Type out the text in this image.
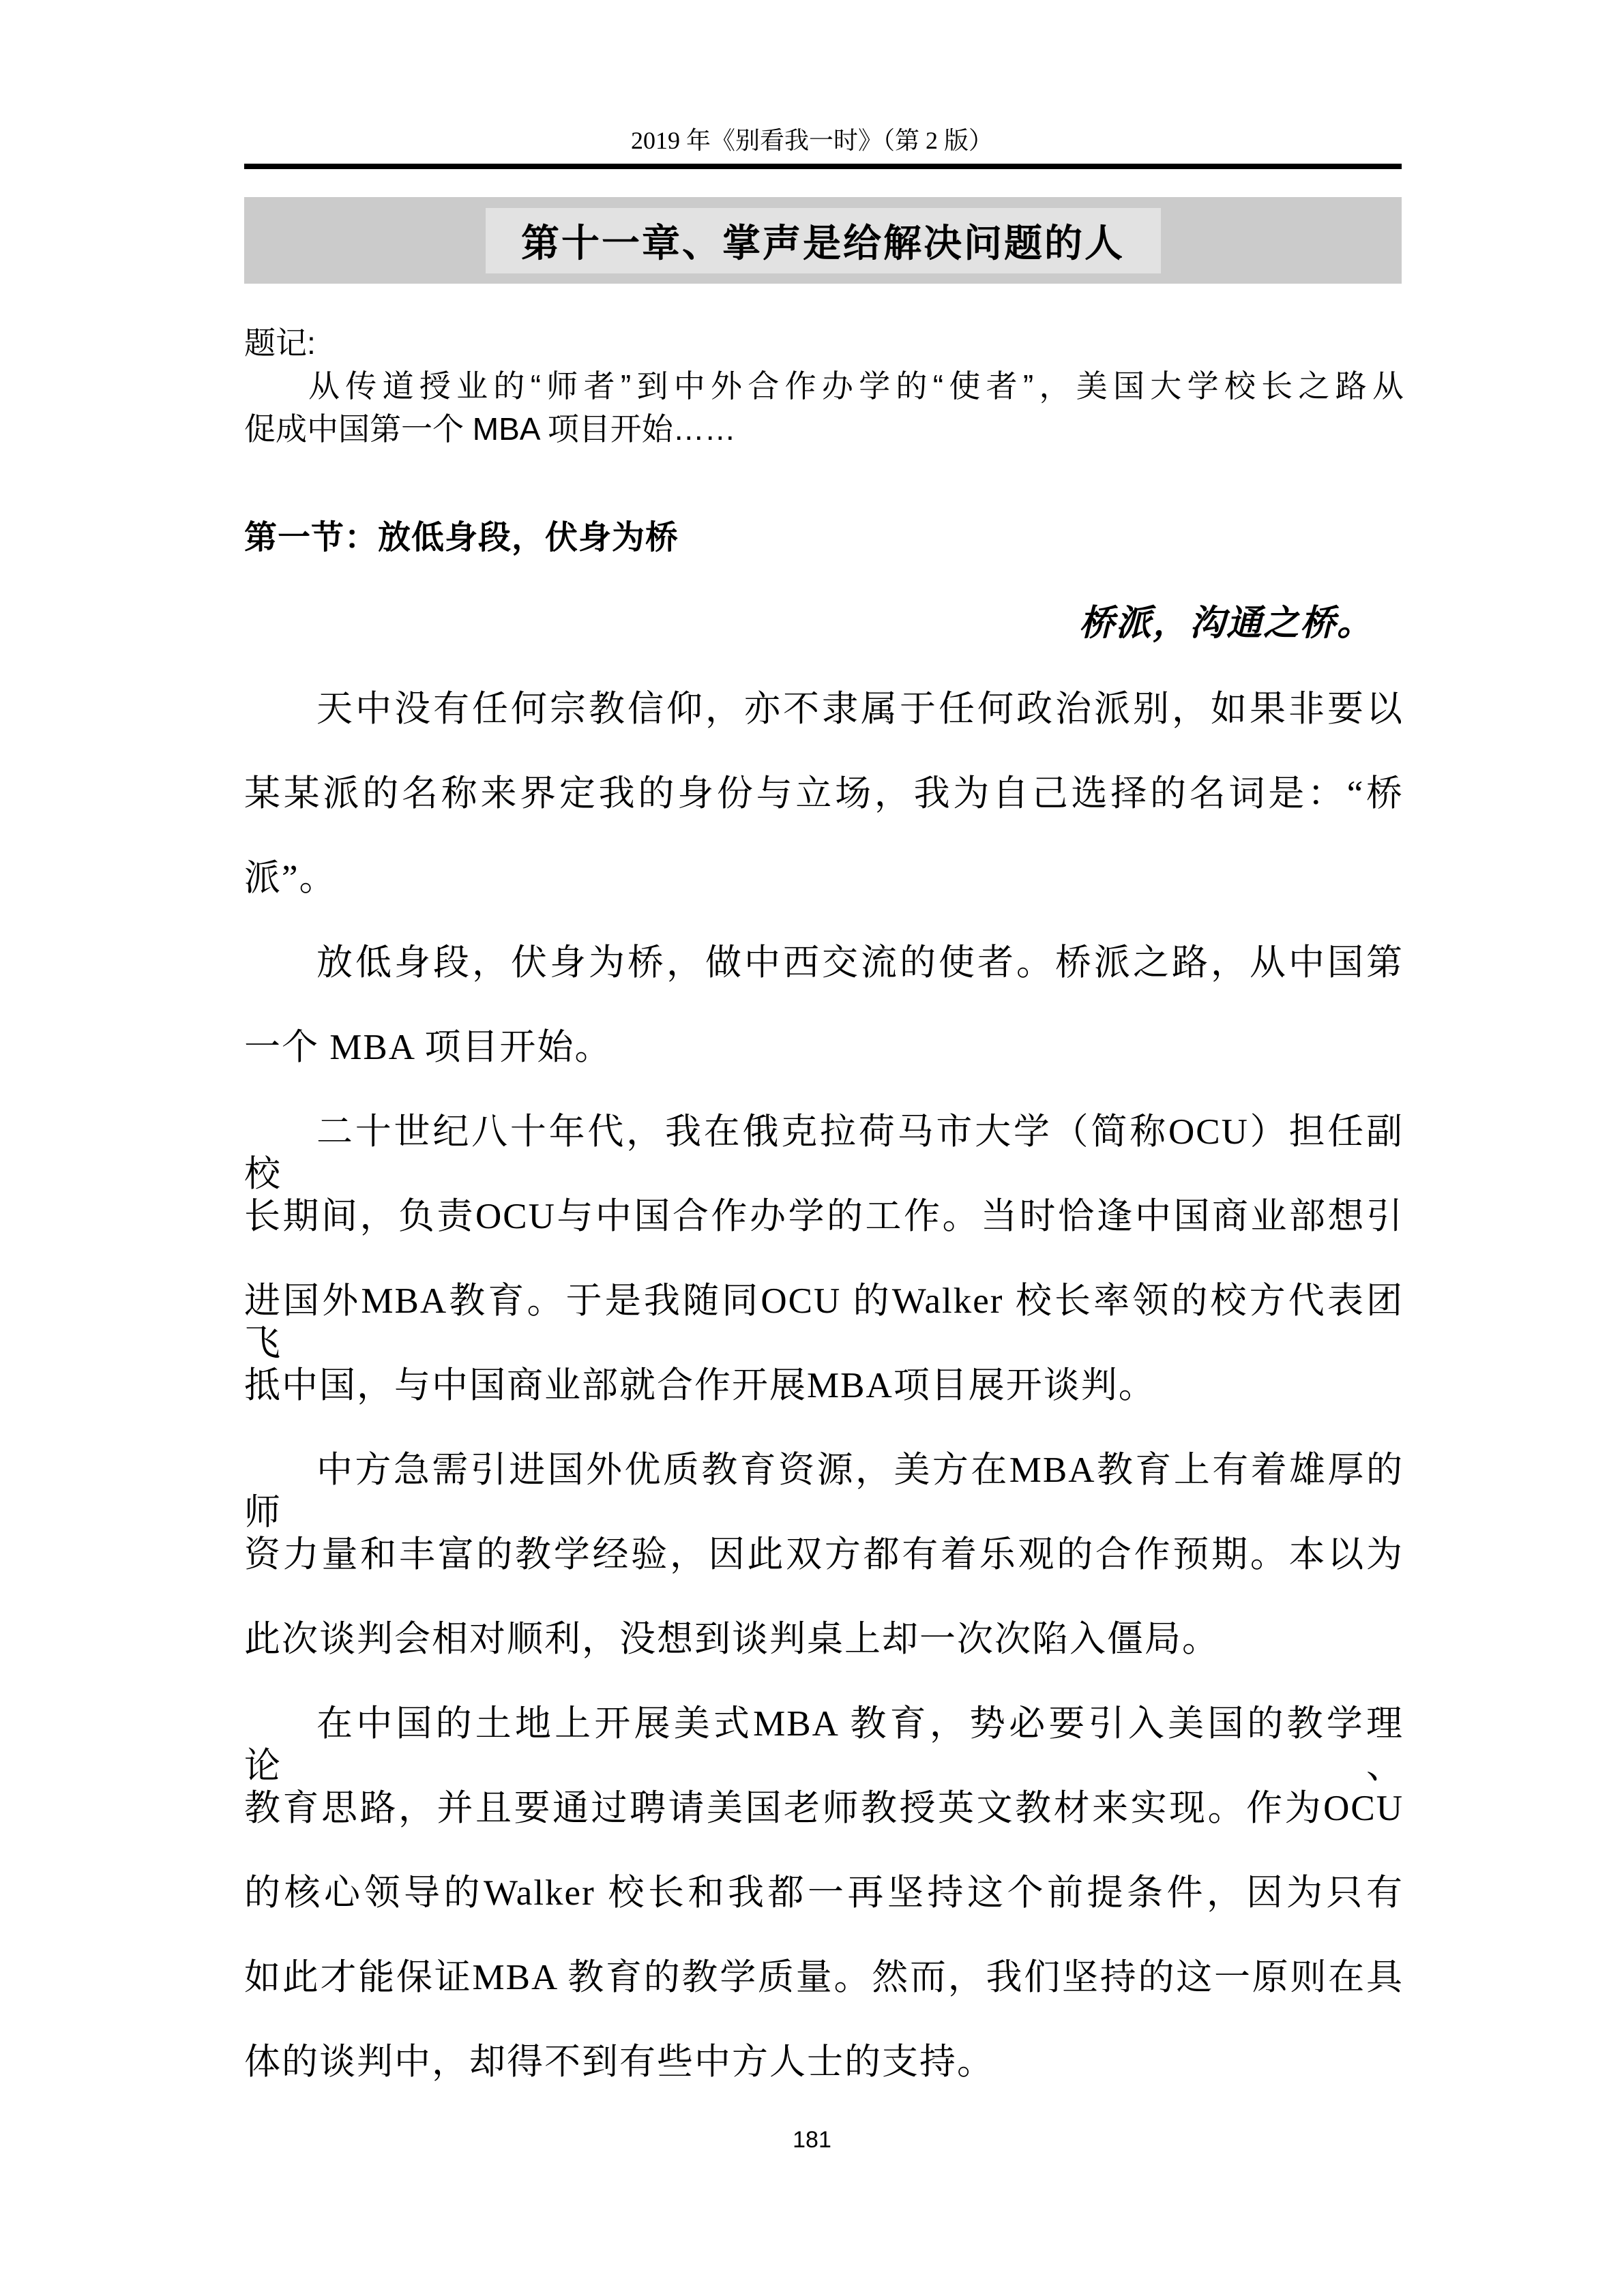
2019 年《别看我一时》（第 2 版）
第十一章、掌声是给解决问题的人
题记:
从传道授业的“师者”到中外合作办学的“使者”，美国大学校长之路从
促成中国第一个 MBA 项目开始……
第一节：放低身段，伏身为桥
桥派，沟通之桥。
天中没有任何宗教信仰，亦不隶属于任何政治派别，如果非要以
某某派的名称来界定我的身份与立场，我为自己选择的名词是：“桥
派”。
放低身段，伏身为桥，做中西交流的使者。桥派之路，从中国第
一个 MBA 项目开始。
二十世纪八十年代，我在俄克拉荷马市大学（简称OCU）担任副校
长期间，负责OCU与中国合作办学的工作。当时恰逢中国商业部想引
进国外MBA教育。于是我随同OCU 的Walker 校长率领的校方代表团飞
抵中国，与中国商业部就合作开展MBA项目展开谈判。
中方急需引进国外优质教育资源，美方在MBA教育上有着雄厚的师
资力量和丰富的教学经验，因此双方都有着乐观的合作预期。本以为
此次谈判会相对顺利，没想到谈判桌上却一次次陷入僵局。
在中国的土地上开展美式MBA 教育，势必要引入美国的教学理论、
教育思路，并且要通过聘请美国老师教授英文教材来实现。作为OCU
的核心领导的Walker 校长和我都一再坚持这个前提条件，因为只有
如此才能保证MBA 教育的教学质量。然而，我们坚持的这一原则在具
体的谈判中，却得不到有些中方人士的支持。
181
